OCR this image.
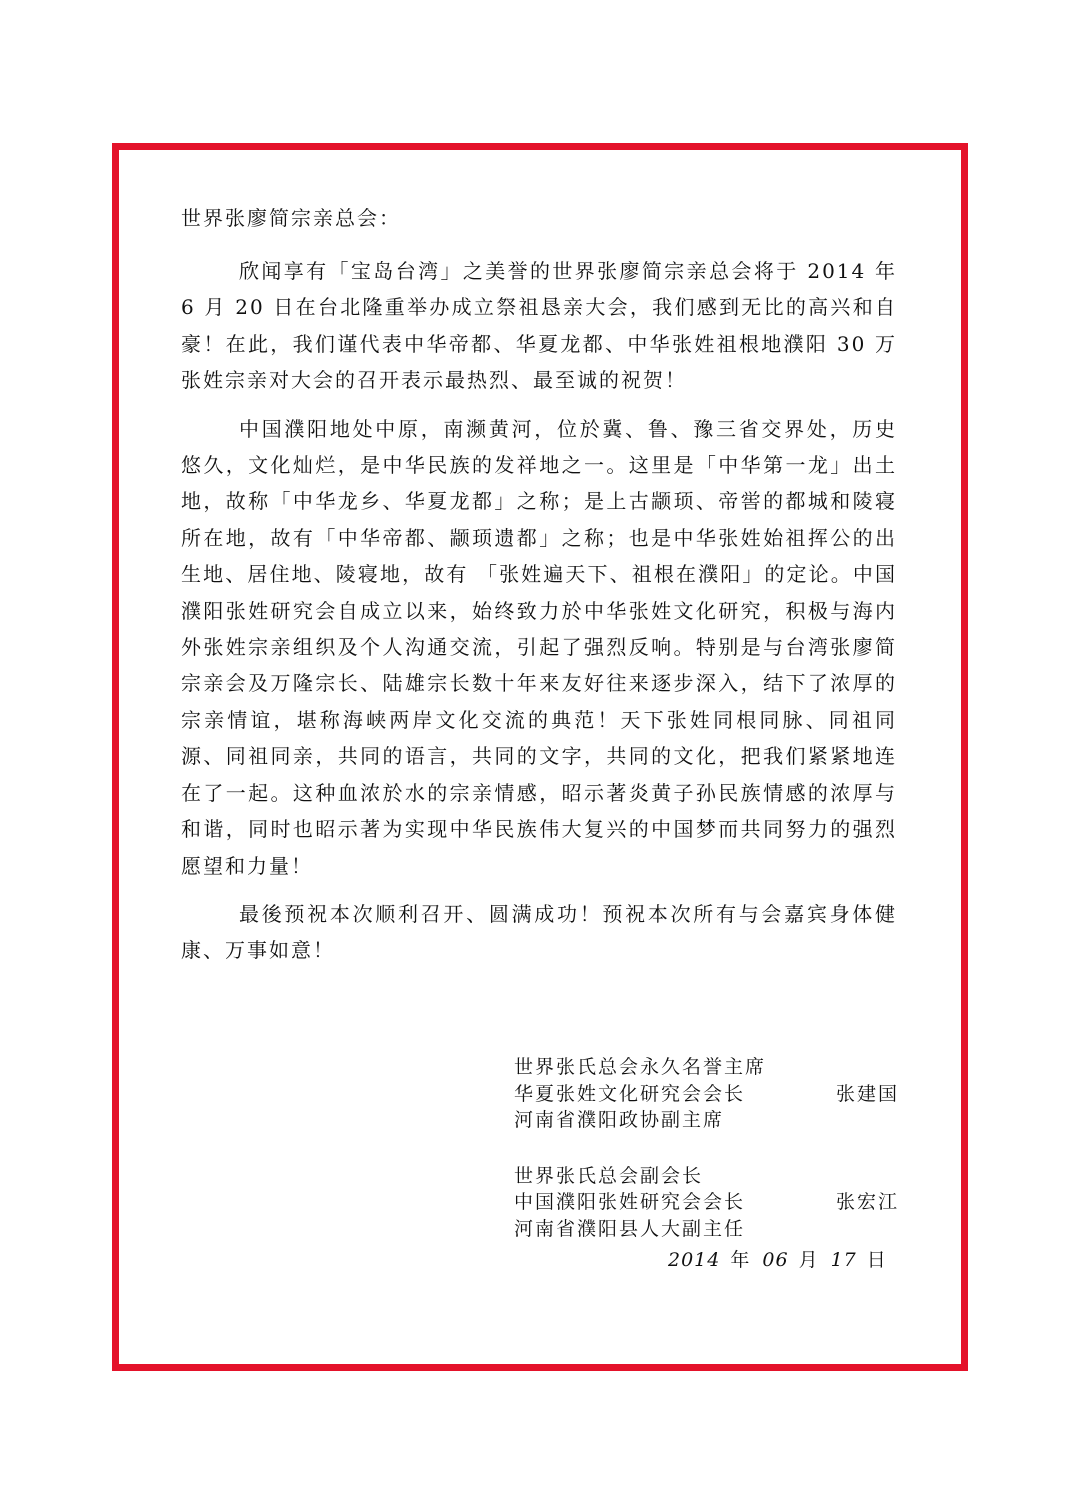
世界张廖简宗亲总会：

欣闻享有「宝岛台湾」之美誉的世界张廖简宗亲总会将于 2014 年 6 月 20 日在台北隆重举办成立祭祖恳亲大会，我们感到无比的高兴和自豪！在此，我们谨代表中华帝都、华夏龙都、中华张姓祖根地濮阳 30 万张姓宗亲对大会的召开表示最热烈、最至诚的祝贺！

中国濮阳地处中原，南濒黄河，位於冀、鲁、豫三省交界处，历史悠久，文化灿烂，是中华民族的发祥地之一。这里是「中华第一龙」出土地，故称「中华龙乡、华夏龙都」之称；是上古颛顼、帝喾的都城和陵寝所在地，故有「中华帝都、颛顼遗都」之称；也是中华张姓始祖挥公的出生地、居住地、陵寝地，故有 「张姓遍天下、祖根在濮阳」的定论。中国濮阳张姓研究会自成立以来，始终致力於中华张姓文化研究，积极与海内外张姓宗亲组织及个人沟通交流，引起了强烈反响。特别是与台湾张廖简宗亲会及万隆宗长、陆雄宗长数十年来友好往来逐步深入，结下了浓厚的宗亲情谊，堪称海峡两岸文化交流的典范！天下张姓同根同脉、同祖同源、同祖同亲，共同的语言，共同的文字，共同的文化，把我们紧紧地连在了一起。这种血浓於水的宗亲情感，昭示著炎黄子孙民族情感的浓厚与和谐，同时也昭示著为实现中华民族伟大复兴的中国梦而共同努力的强烈愿望和力量！

最後预祝本次顺利召开、圆满成功！预祝本次所有与会嘉宾身体健康、万事如意！

世界张氏总会永久名誉主席
华夏张姓文化研究会会长
河南省濮阳政协副主席
张建国
世界张氏总会副会长
中国濮阳张姓研究会会长
河南省濮阳县人大副主任
张宏江
2014 年 06 月 17 日
